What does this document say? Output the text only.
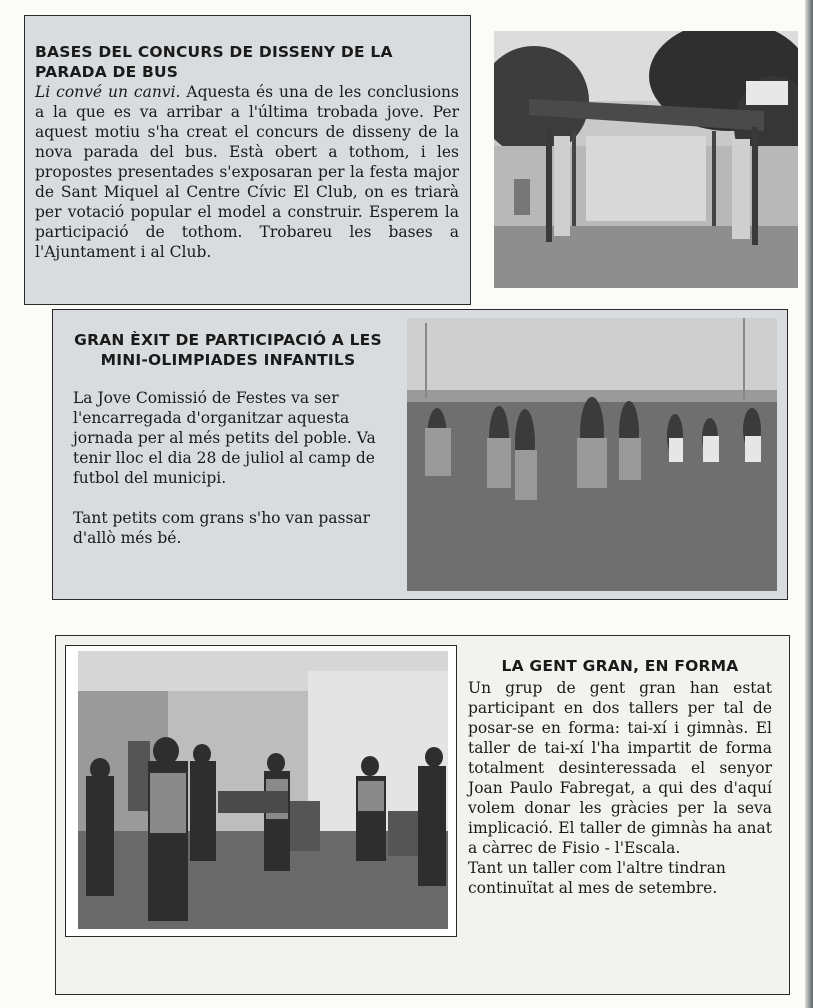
BASES DEL CONCURS DE DISSENY DE LA PARADA DE BUS

Li convé un canvi. Aquesta és una de les conclusions a la que es va arribar a l'última trobada jove. Per aquest motiu s'ha creat el concurs de disseny de la nova parada del bus. Està obert a tothom, i les propostes presentades s'exposaran per la festa major de Sant Miquel al Centre Cívic El Club, on es triarà per votació popular el model a construir. Esperem la participació de tothom. Trobareu les bases a l'Ajuntament i al Club.

GRAN ÈXIT DE PARTICIPACIÓ A LES MINI-OLIMPIADES INFANTILS

La Jove Comissió de Festes va ser l'encarregada d'organitzar aquesta jornada per al més petits del poble. Va tenir lloc el dia 28 de juliol al camp de futbol del municipi.

Tant petits com grans s'ho van passar d'allò més bé.

LA GENT GRAN, EN FORMA

Un grup de gent gran han estat participant en dos tallers per tal de posar-se en forma: tai-xí i gimnàs. El taller de tai-xí l'ha impartit de forma totalment desinteressada el senyor Joan Paulo Fabregat, a qui des d'aquí volem donar les gràcies per la seva implicació. El taller de gimnàs ha anat a càrrec de Fisio - l'Escala.

Tant un taller com l'altre tindran continuïtat al mes de setembre.
